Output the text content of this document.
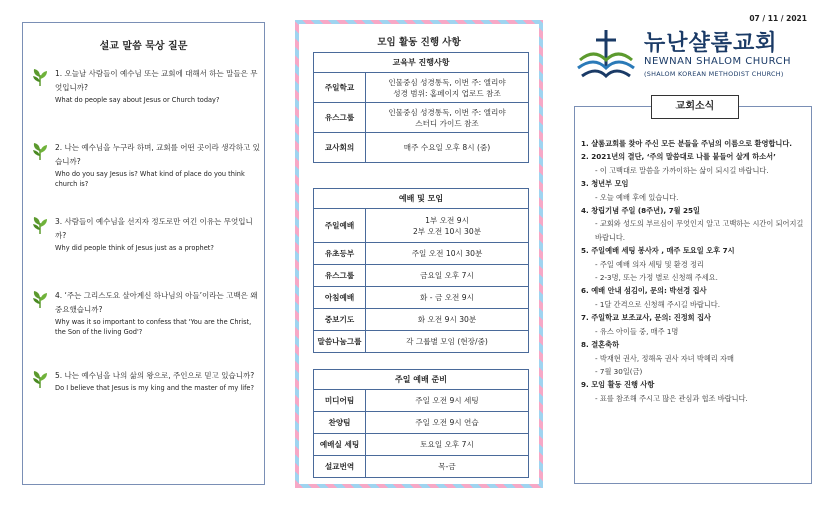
설교 말씀 묵상 질문
1. 오늘날 사람들이 예수님 또는 교회에 대해서 하는 말들은 무엇입니까?
What do people say about Jesus or Church today?
2. 나는 예수님을 누구라 하며, 교회를 어떤 곳이라 생각하고 있습니까?
Who do you say Jesus is? What kind of place do you think church is?
3. 사람들이 예수님을 선지자 정도로만 여긴 이유는 무엇입니까?
Why did people think of Jesus just as a prophet?
4. ‘주는 그리스도요 살아계신 하나님의 아들’이라는 고백은 왜 중요했습니까?
Why was it so important to confess that 'You are the Christ, the Son of the living God'?
5. 나는 예수님을 나의 삶의 왕으로, 주인으로 믿고 있습니까?
Do I believe that Jesus is my king and the master of my life?
모임 활동 진행 사항
교육부 진행사항	
주일학교	인물중심 성경통독, 이번 주: 엘리야
성경 범위: 홈페이지 업로드 참조

유스그룹	인물중심 성경통독, 이번 주: 엘리야
스터디 가이드 참조

교사회의	매주 수요일 오후 8시 (줌)
예배 및 모임	
주일예배	1부 오전 9시
2부 오전 10시 30분

유초등부	주일 오전 10시 30분

유스그룹	금요일 오후 7시

아침예배	화 - 금 오전 9시

중보기도	화 오전 9시 30분

말씀나눔그룹	각 그룹별 모임 (현장/줌)
주일 예배 준비	
미디어팀	주일 오전 9시 세팅

찬양팀	주일 오전 9시 연습

예배실 세팅	토요일 오후 7시

설교번역	목-금
07 / 11 / 2021
뉴난샬롬교회
NEWNAN SHALOM CHURCH
(SHALOM KOREAN METHODIST CHURCH)
교회소식
1. 샬롬교회를 찾아 주신 모든 분들을 주님의 이름으로 환영합니다.
2. 2021년의 결단, ‘주의 말씀대로 나를 붙들어 살게 하소서’
- 이 고백대로 말씀을 가까이하는 삶이 되시길 바랍니다.
3. 청년부 모임
- 오늘 예배 후에 있습니다.
4. 창립기념 주일 (8주년), 7월 25일
- 교회와 성도의 부르심이 무엇인지 알고 고백하는 시간이 되어지길 바랍니다.
5. 주일예배 세팅 봉사자 , 매주 토요일 오후 7시
- 주일 예배 의자 세팅 및 환경 정리
- 2-3명, 또는 가정 별로 신청해 주세요.
6. 예배 안내 섬김이, 문의: 박선경 집사
- 1달 간격으로 신청해 주시길 바랍니다.
7. 주일학교 보조교사, 문의: 진정희 집사
- 유스 아이들 중, 매주 1명
8. 결혼축하
- 박재현 권사, 정해옥 권사 자녀 박혜리 자매
- 7월 30일(금)
9. 모임 활동 진행 사항
- 표를 참조해 주시고 많은 관심과 협조 바랍니다.
